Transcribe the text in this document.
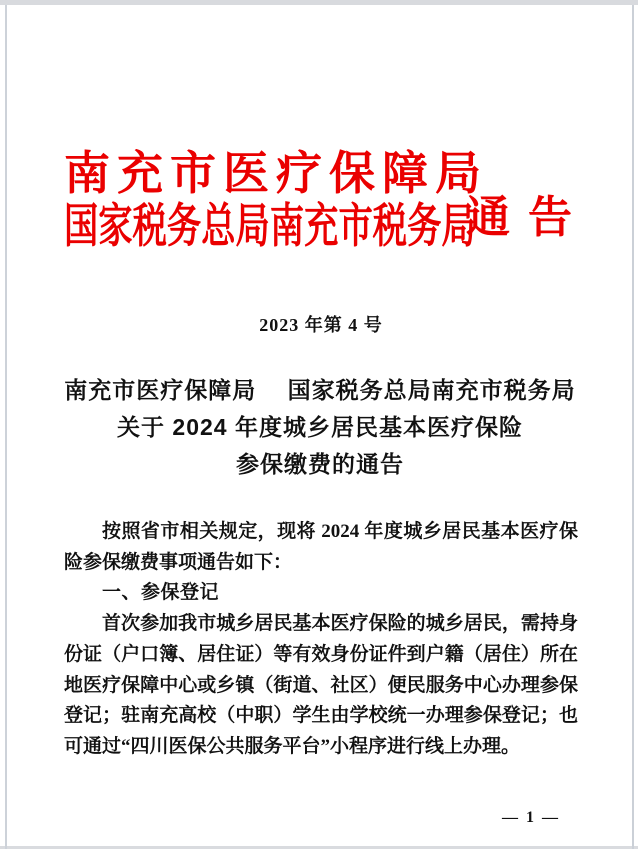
南充市医疗保障局
国家税务总局南充市税务局
通告
2023 年第 4 号
南充市医疗保障局　 国家税务总局南充市税务局
关于 2024 年度城乡居民基本医疗保险
参保缴费的通告

按照省市相关规定，现将 2024 年度城乡居民基本医疗保险参保缴费事项通告如下：

一、参保登记

首次参加我市城乡居民基本医疗保险的城乡居民，需持身份证（户口簿、居住证）等有效身份证件到户籍（居住）所在地医疗保障中心或乡镇（街道、社区）便民服务中心办理参保登记；驻南充高校（中职）学生由学校统一办理参保登记；也可通过“四川医保公共服务平台”小程序进行线上办理。

— 1 —
